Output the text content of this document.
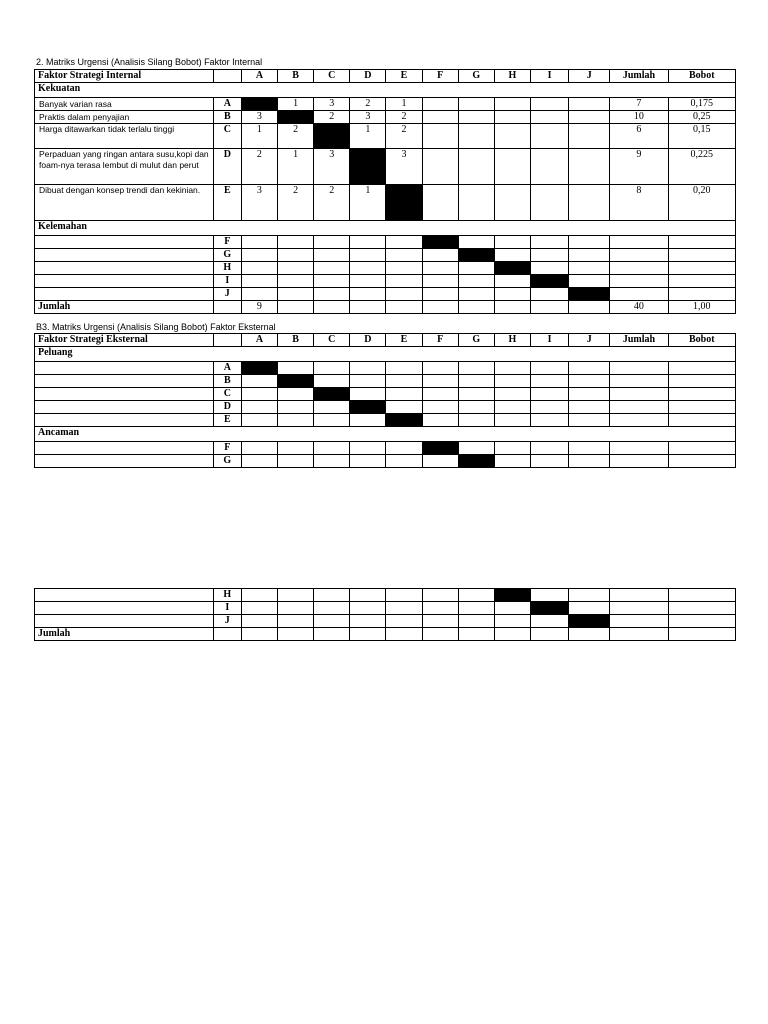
2. Matriks Urgensi (Analisis Silang Bobot) Faktor Internal
Faktor Strategi Internal		A	B	C	D	E	F	G	H	I	J	Jumlah	Bobot
Kekuatan													
Banyak varian rasa	A		1	3	2	1						7	0,175
Praktis dalam penyajian	B	3		2	3	2						10	0,25
Harga ditawarkan tidak terlalu tinggi	C	1	2		1	2						6	0,15
Perpaduan yang ringan antara susu,kopi dan foam-nya terasa lembut di mulut dan perut	D	2	1	3		3						9	0,225
Dibuat dengan konsep trendi dan kekinian.	E	3	2	2	1							8	0,20
Kelemahan													
	F												
	G												
	H												
	I												
	J												
Jumlah		9										40	1,00
B3. Matriks Urgensi (Analisis Silang Bobot) Faktor Eksternal
Faktor Strategi Eksternal		A	B	C	D	E	F	G	H	I	J	Jumlah	Bobot
Peluang													
	A												
	B												
	C												
	D												
	E												
Ancaman													
	F												
	G												
	H												
	I												
	J												
Jumlah													
